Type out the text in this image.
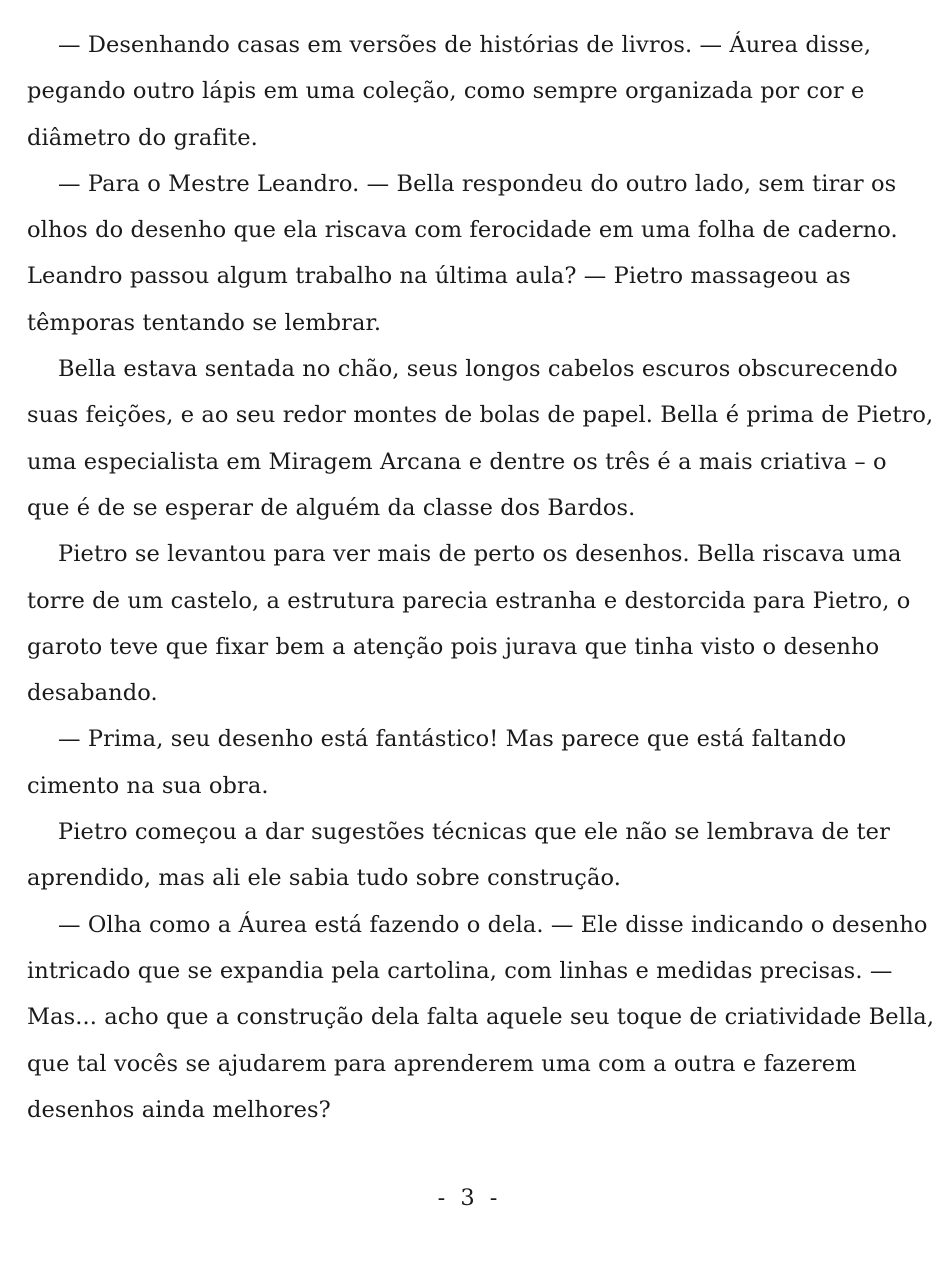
— Desenhando casas em versões de histórias de livros. — Áurea disse,
pegando outro lápis em uma coleção, como sempre organizada por cor e
diâmetro do grafite.
— Para o Mestre Leandro. — Bella respondeu do outro lado, sem tirar os
olhos do desenho que ela riscava com ferocidade em uma folha de caderno.
Leandro passou algum trabalho na última aula? — Pietro massageou as
têmporas tentando se lembrar.
Bella estava sentada no chão, seus longos cabelos escuros obscurecendo
suas feições, e ao seu redor montes de bolas de papel. Bella é prima de Pietro,
uma especialista em Miragem Arcana e dentre os três é a mais criativa – o
que é de se esperar de alguém da classe dos Bardos.
Pietro se levantou para ver mais de perto os desenhos. Bella riscava uma
torre de um castelo, a estrutura parecia estranha e destorcida para Pietro, o
garoto teve que fixar bem a atenção pois jurava que tinha visto o desenho
desabando.
— Prima, seu desenho está fantástico! Mas parece que está faltando
cimento na sua obra.
Pietro começou a dar sugestões técnicas que ele não se lembrava de ter
aprendido, mas ali ele sabia tudo sobre construção.
— Olha como a Áurea está fazendo o dela. — Ele disse indicando o desenho
intricado que se expandia pela cartolina, com linhas e medidas precisas. —
Mas... acho que a construção dela falta aquele seu toque de criatividade Bella,
que tal vocês se ajudarem para aprenderem uma com a outra e fazerem
desenhos ainda melhores?
- 3 -
